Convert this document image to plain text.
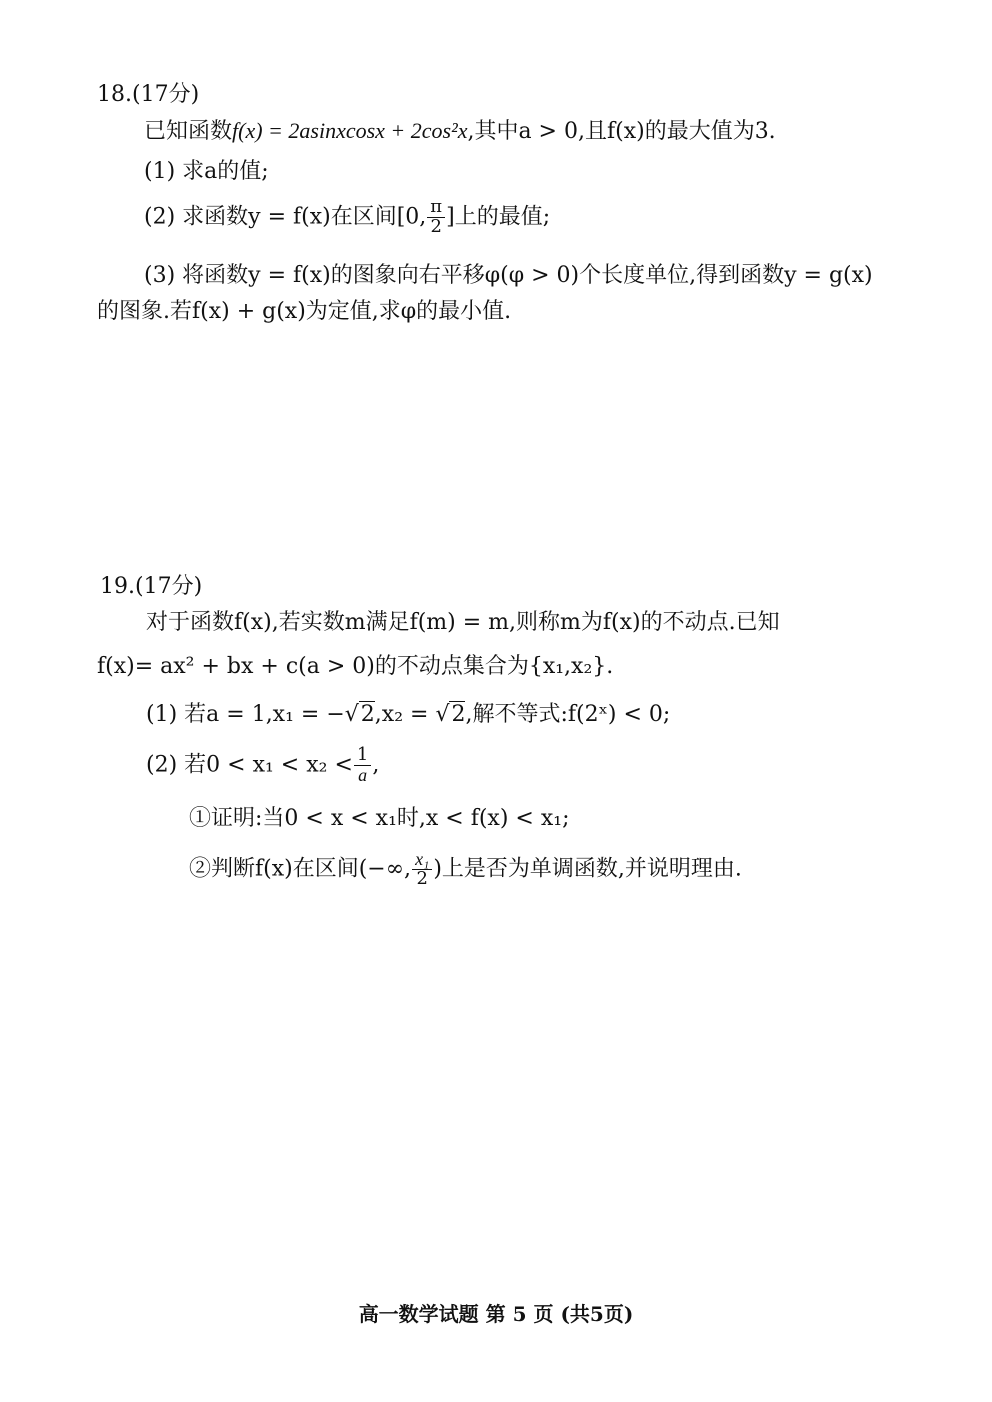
18.(17分)
已知函数f(x) = 2asinxcosx + 2cos²x,其中a > 0,且f(x)的最大值为3.
(1) 求a的值;
(2) 求函数y = f(x)在区间[0, $\frac{\pi}{2}$ ]上的最值;
(3) 将函数y = f(x)的图象向右平移φ(φ > 0)个长度单位,得到函数y = g(x)
的图象.若f(x) + g(x)为定值,求φ的最小值.
19.(17分)
对于函数f(x),若实数m满足f(m) = m,则称m为f(x)的不动点.已知
f(x)= ax² + bx + c(a > 0)的不动点集合为{x₁,x₂}.
(1) 若a = 1,x₁ = −√2,x₂ = √2,解不等式:f(2ˣ) < 0;
(2) 若$0 < x_1 < x_2 < \frac{1}{a}$ ,
①证明:当0 < x < x₁时,x < f(x) < x₁;
②判断f(x)在区间(−∞, $\frac{\text{x₁}}{2}$ )上是否为单调函数,并说明理由.
高一数学试题 第 5 页 (共5页)
